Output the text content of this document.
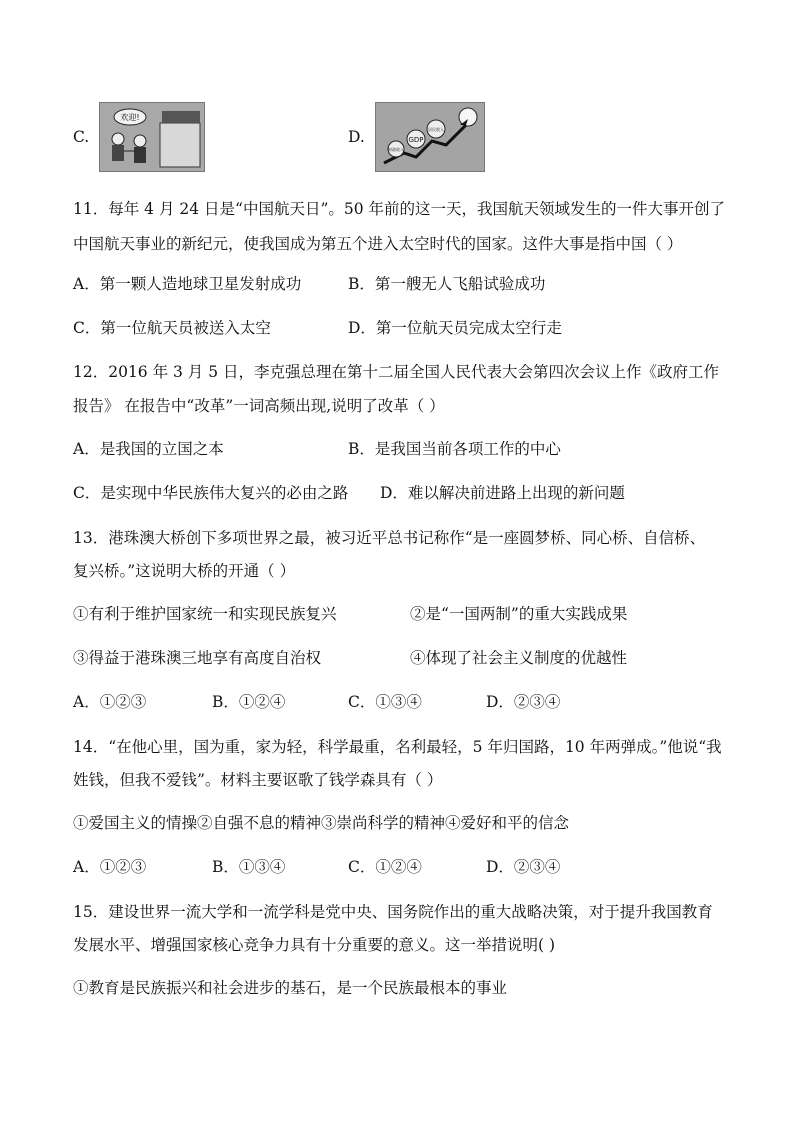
C.
欢迎!
D.
财政收入
GDP
居民收入
11．每年 4 月 24 日是“中国航天日”。50 年前的这一天，我国航天领域发生的一件大事开创了
中国航天事业的新纪元，使我国成为第五个进入太空时代的国家。这件大事是指中国（ ）
A．第一颗人造地球卫星发射成功	B．第一艘无人飞船试验成功
C．第一位航天员被送入太空	D．第一位航天员完成太空行走
12．2016 年 3 月 5 日，李克强总理在第十二届全国人民代表大会第四次会议上作《政府工作
报告》 在报告中“改革”一词高频出现,说明了改革（ ）
A．是我国的立国之本	B．是我国当前各项工作的中心
C．是实现中华民族伟大复兴的必由之路 D．难以解决前进路上出现的新问题
13．港珠澳大桥创下多项世界之最，被习近平总书记称作“是一座圆梦桥、同心桥、自信桥、
复兴桥。”这说明大桥的开通（ ）
①有利于维护国家统一和实现民族复兴	②是“一国两制”的重大实践成果
③得益于港珠澳三地享有高度自治权	④体现了社会主义制度的优越性
A．①②③	B．①②④	C．①③④	D．②③④
14．“在他心里，国为重，家为轻，科学最重，名利最轻，5 年归国路，10 年两弹成。”他说“我
姓钱，但我不爱钱”。材料主要讴歌了钱学森具有（ ）
①爱国主义的情操②自强不息的精神③崇尚科学的精神④爱好和平的信念
A．①②③	B．①③④	C．①②④	D．②③④
15．建设世界一流大学和一流学科是党中央、国务院作出的重大战略决策，对于提升我国教育
发展水平、增强国家核心竞争力具有十分重要的意义。这一举措说明( )
①教育是民族振兴和社会进步的基石，是一个民族最根本的事业
